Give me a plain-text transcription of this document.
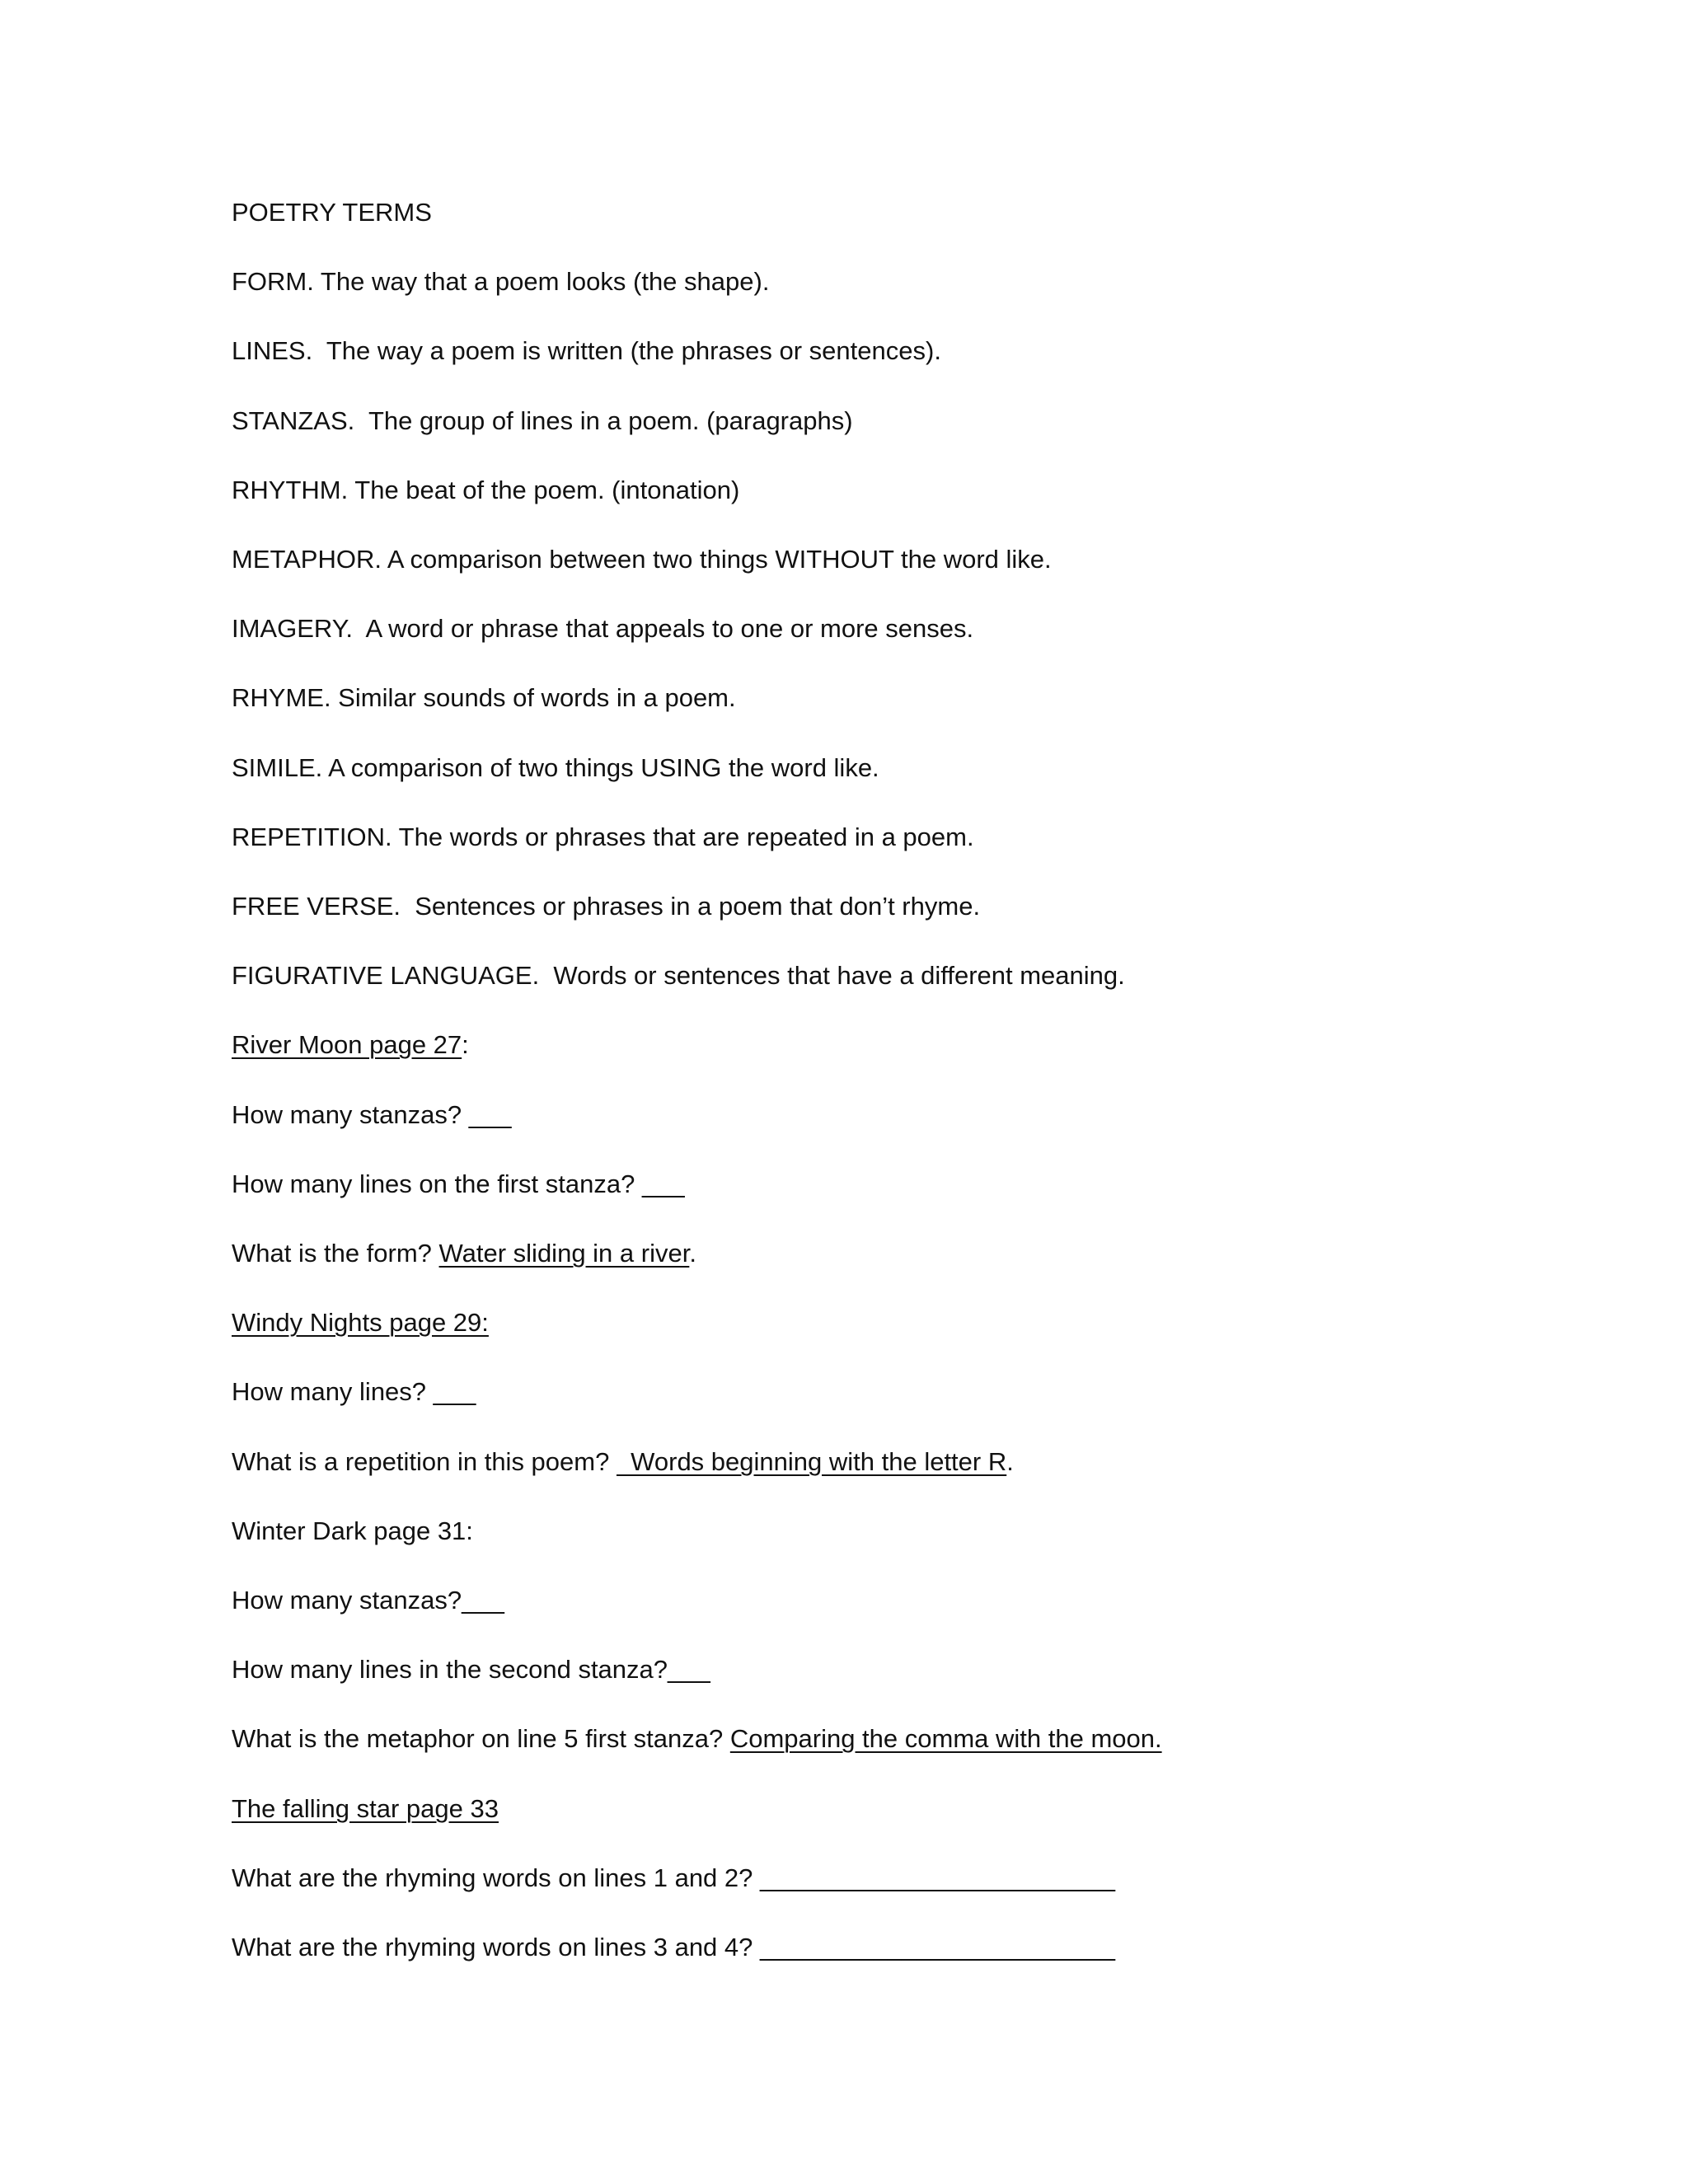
POETRY TERMS
FORM. The way that a poem looks (the shape).
LINES.  The way a poem is written (the phrases or sentences).
STANZAS.  The group of lines in a poem. (paragraphs)
RHYTHM. The beat of the poem. (intonation)
METAPHOR. A comparison between two things WITHOUT the word like.
IMAGERY.  A word or phrase that appeals to one or more senses.
RHYME. Similar sounds of words in a poem.
SIMILE. A comparison of two things USING the word like.
REPETITION. The words or phrases that are repeated in a poem.
FREE VERSE.  Sentences or phrases in a poem that don’t rhyme.
FIGURATIVE LANGUAGE.  Words or sentences that have a different meaning.
River Moon page 27:
How many stanzas? ___
How many lines on the first stanza? ___
What is the form? Water sliding in a river.
Windy Nights page 29:
How many lines? ___
What is a repetition in this poem?   Words beginning with the letter R.
Winter Dark page 31:
How many stanzas?___
How many lines in the second stanza?___
What is the metaphor on line 5 first stanza? Comparing the comma with the moon.
The falling star page 33
What are the rhyming words on lines 1 and 2? _________________________
What are the rhyming words on lines 3 and 4? _________________________
